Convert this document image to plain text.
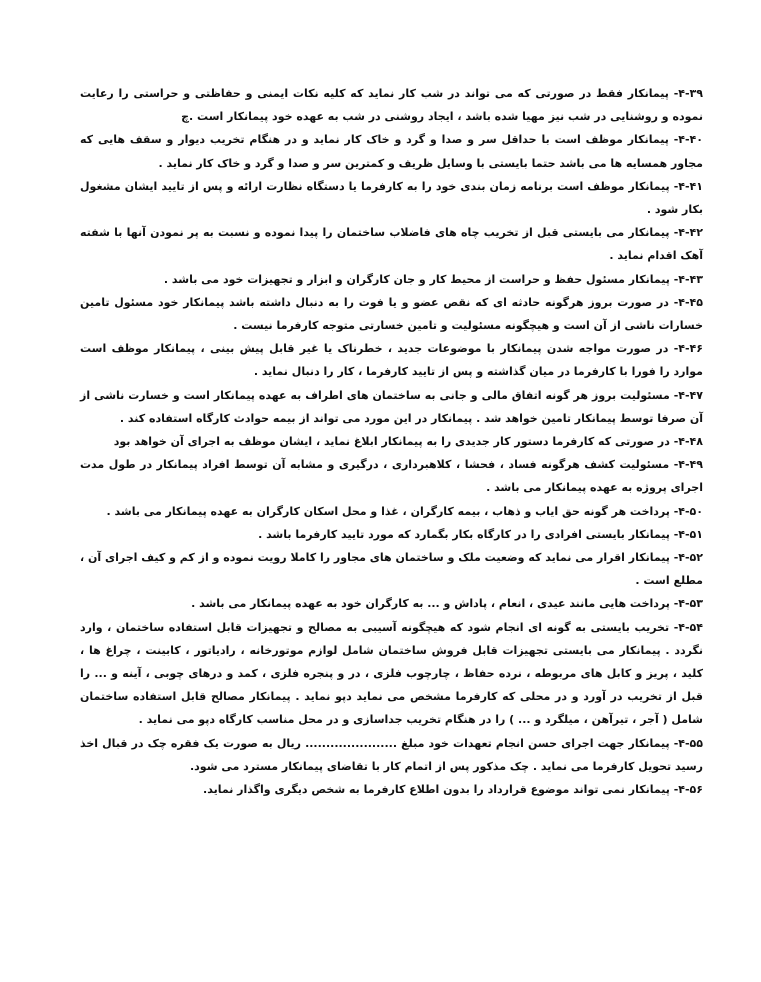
۴-۳۹- پیمانکار فقط در صورتی که می تواند در شب کار نماید که کلیه نکات ایمنی و حفاظتی و حراستی را رعایت نموده و روشنایی در شب نیز مهیا شده باشد ، ایجاد روشنی در شب به عهده خود پیمانکار است .چ

۴-۴۰- پیمانکار موظف است با حداقل سر و صدا و گرد و خاک کار نماید و در هنگام تخریب دیوار و سقف هایی که مجاور همسایه ها می باشد حتما بایستی با وسایل ظریف و کمترین سر و صدا و گرد و خاک کار نماید .

۴-۴۱- پیمانکار موظف است برنامه زمان بندی خود را به کارفرما یا دستگاه نظارت ارائه و پس از تایید ایشان مشغول بکار شود .

۴-۴۲- پیمانکار می بایستی قبل از تخریب چاه های فاضلاب ساختمان را پیدا نموده و نسبت به پر نمودن آنها با شفته آهک اقدام نماید .

۴-۴۳- پیمانکار مسئول حفظ و حراست از محیط کار و جان کارگران و ابزار و تجهیزات خود می باشد .

۴-۴۵- در صورت بروز هرگونه حادثه ای که نقص عضو و یا فوت را به دنبال داشته باشد پیمانکار خود مسئول تامین خسارات ناشی از آن است و هیچگونه مسئولیت و تامین خسارتی متوجه کارفرما نیست .

۴-۴۶- در صورت مواجه شدن پیمانکار با موضوعات جدید ، خطرناک یا غیر قابل پیش بینی ، پیمانکار موظف است موارد را فورا با کارفرما در میان گذاشته و پس از تایید کارفرما ، کار را دنبال نماید .

۴-۴۷- مسئولیت بروز هر گونه اتفاق مالی و جانی به ساختمان های اطراف به عهده پیمانکار است و خسارت ناشی از آن صرفا توسط پیمانکار تامین خواهد شد . پیمانکار در این مورد می تواند از بیمه حوادث کارگاه استفاده کند .

۴-۴۸- در صورتی که کارفرما دستور کار جدیدی را به پیمانکار ابلاغ نماید ، ایشان موظف به اجرای آن خواهد بود

۴-۴۹- مسئولیت کشف هرگونه فساد ، فحشا ، کلاهبرداری ، درگیری و مشابه آن توسط افراد پیمانکار در طول مدت اجرای پروژه به عهده پیمانکار می باشد .

۴-۵۰- پرداخت هر گونه حق ایاب و ذهاب ، بیمه کارگران ، غذا و محل اسکان کارگران به عهده پیمانکار می باشد .

۴-۵۱- پیمانکار بایستی افرادی را در کارگاه بکار بگمارد که مورد تایید کارفرما باشد .

۴-۵۲- پیمانکار اقرار می نماید که وضعیت ملک و ساختمان های مجاور را کاملا رویت نموده و از کم و کیف اجرای آن ، مطلع است .

۴-۵۳- پرداخت هایی مانند عیدی ، انعام ، پاداش و ... به کارگران خود به عهده پیمانکار می باشد .

۴-۵۴- تخریب بایستی به گونه ای انجام شود که هیچگونه آسیبی به مصالح و تجهیزات قابل استفاده ساختمان ، وارد نگردد . پیمانکار می بایستی تجهیزات قابل فروش ساختمان شامل لوازم موتورخانه ، رادیاتور ، کابینت ، چراغ ها ، کلید ، پریز و کابل های مربوطه ، نرده حفاظ ، چارچوب فلزی ، در و پنجره فلزی ، کمد و درهای چوبی ، آینه و ... را قبل از تخریب در آورد و در محلی که کارفرما مشخص می نماید دپو نماید . پیمانکار مصالح قابل استفاده ساختمان شامل ( آجر ، تیرآهن ، میلگرد و ... ) را در هنگام تخریب جداسازی و در محل مناسب کارگاه دپو می نماید .

۴-۵۵- پیمانکار جهت اجرای حسن انجام تعهدات خود مبلغ ...................... ریال به صورت یک فقره چک در قبال اخذ رسید تحویل کارفرما می نماید . چک مذکور پس از اتمام کار با تقاضای پیمانکار مسترد می شود.

۴-۵۶- پیمانکار نمی تواند موضوع قرارداد را بدون اطلاع کارفرما به شخص دیگری واگذار نماید.
